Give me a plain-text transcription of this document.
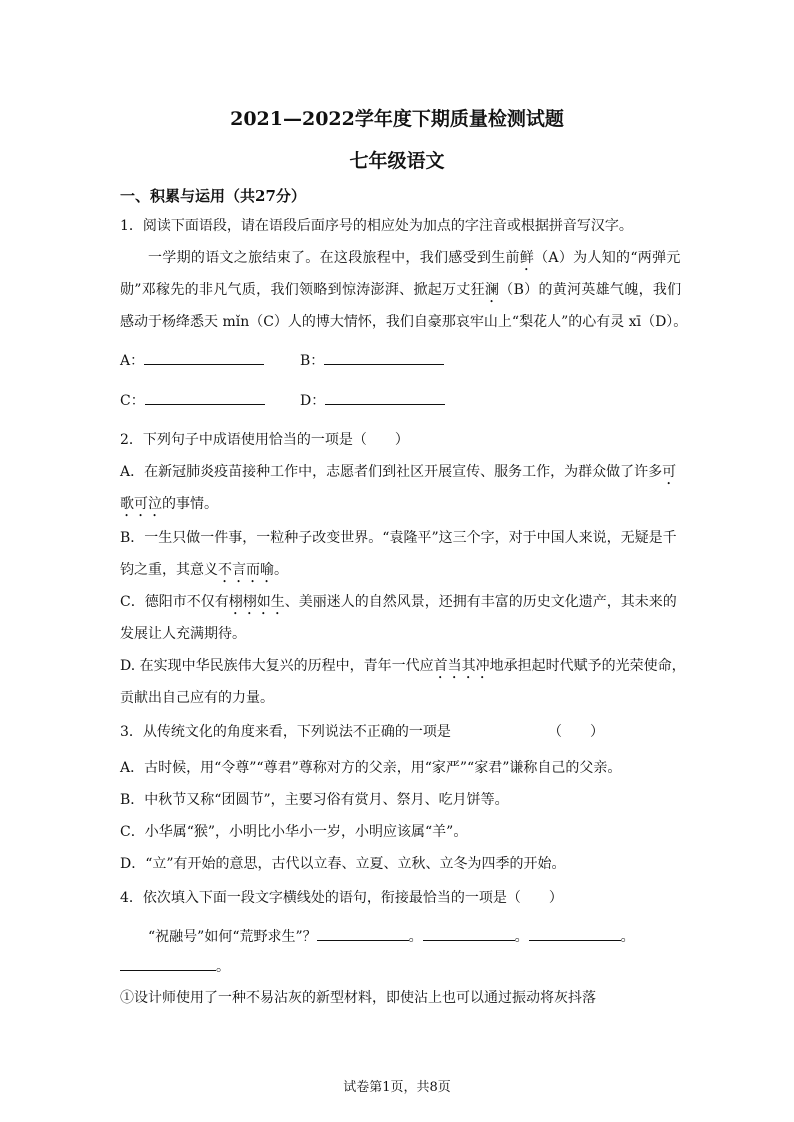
2021—2022学年度下期质量检测试题
七年级语文
一、积累与运用（共27分）
1．阅读下面语段，请在语段后面序号的相应处为加点的字注音或根据拼音写汉字。
一学期的语文之旅结束了。在这段旅程中，我们感受到生前鲜（A）为人知的“两弹元
勋”邓稼先的非凡气质，我们领略到惊涛澎湃、掀起万丈狂澜（B）的黄河英雄气魄，我们
感动于杨绛悉天 mǐn（C）人的博大情怀，我们自豪那哀牢山上“梨花人”的心有灵 xī（D）。
A：	B：
C：	D：
2．下列句子中成语使用恰当的一项是（　　）
A．在新冠肺炎疫苗接种工作中，志愿者们到社区开展宣传、服务工作，为群众做了许多可
歌可泣的事情。
B．一生只做一件事，一粒种子改变世界。“袁隆平”这三个字，对于中国人来说，无疑是千
钧之重，其意义不言而喻。
C．德阳市不仅有栩栩如生、美丽迷人的自然风景，还拥有丰富的历史文化遗产，其未来的
发展让人充满期待。
D. 在实现中华民族伟大复兴的历程中，青年一代应首当其冲地承担起时代赋予的光荣使命，
贡献出自己应有的力量。
3．从传统文化的角度来看，下列说法不正确的一项是	（　　）
A．古时候，用“令尊”“尊君”尊称对方的父亲，用“家严”“家君”谦称自己的父亲。
B．中秋节又称“团圆节”，主要习俗有赏月、祭月、吃月饼等。
C．小华属“猴”，小明比小华小一岁，小明应该属“羊”。
D．“立”有开始的意思，古代以立春、立夏、立秋、立冬为四季的开始。
4．依次填入下面一段文字横线处的语句，衔接最恰当的一项是（　　）
“祝融号”如何“荒野求生”？	。	。	。
。
①设计师使用了一种不易沾灰的新型材料，即使沾上也可以通过振动将灰抖落
试卷第1页，共8页
